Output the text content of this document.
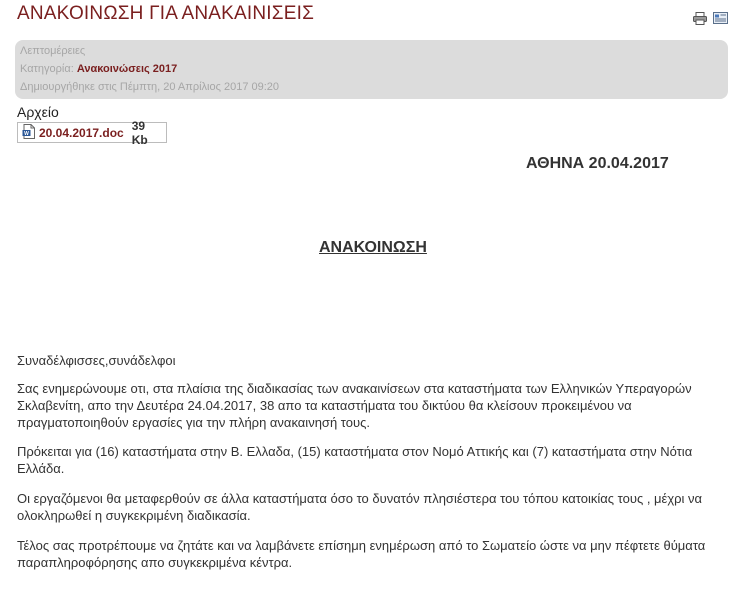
ΑΝΑΚΟΙΝΩΣΗ ΓΙΑ ΑΝΑΚΑΙΝΙΣΕΙΣ
Λεπτομέρειες
Κατηγορία: Ανακοινώσεις 2017
Δημιουργήθηκε στις Πέμπτη, 20 Απρίλιος 2017 09:20
Αρχείο
W 20.04.2017.doc 39 Kb
ΑΘΗΝΑ 20.04.2017
ΑΝΑΚΟΙΝΩΣΗ
Συναδέλφισσες,συνάδελφοι
Σας ενημερώνουμε οτι, στα πλαίσια της διαδικασίας των ανακαινίσεων στα καταστήματα των Ελληνικών Υπεραγορών Σκλαβενίτη, απο την Δευτέρα 24.04.2017, 38 απο τα καταστήματα του δικτύου θα κλείσουν προκειμένου να πραγματοποιηθούν εργασίες για την πλήρη ανακαινησή τους.
Πρόκειται για (16) καταστήματα στην Β. Ελλαδα, (15) καταστήματα στον Νομό Αττικής και (7) καταστήματα στην Νότια Ελλάδα.
Οι εργαζόμενοι θα μεταφερθούν σε άλλα καταστήματα όσο το δυνατόν πλησιέστερα του τόπου κατοικίας τους , μέχρι να ολοκληρωθεί η συγκεκριμένη διαδικασία.
Τέλος σας προτρέπουμε να ζητάτε και να λαμβάνετε επίσημη ενημέρωση από το Σωματείο ώστε να μην πέφτετε θύματα παραπληροφόρησης απο συγκεκριμένα κέντρα.
